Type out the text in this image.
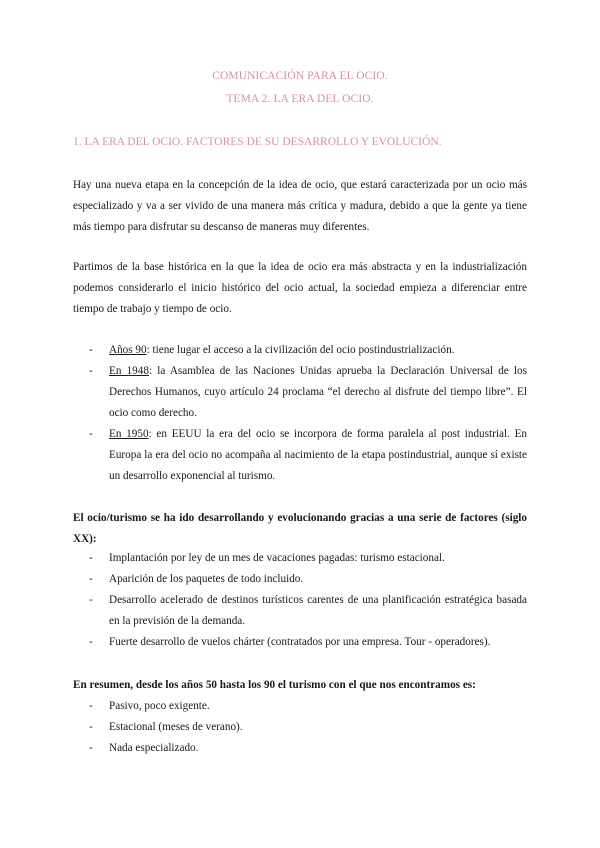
COMUNICACIÓN PARA EL OCIO.
TEMA 2. LA ERA DEL OCIO.
1. LA ERA DEL OCIO. FACTORES DE SU DESARROLLO Y EVOLUCIÓN.

Hay una nueva etapa en la concepción de la idea de ocio, que estará caracterizada por un ocio más especializado y va a ser vivido de una manera más crítica y madura, debido a que la gente ya tiene más tiempo para disfrutar su descanso de maneras muy diferentes.

Partimos de la base histórica en la que la idea de ocio era más abstracta y en la industrialización podemos considerarlo el inicio histórico del ocio actual, la sociedad empieza a diferenciar entre tiempo de trabajo y tiempo de ocio.

- Años 90: tiene lugar el acceso a la civilización del ocio postindustrialización.
- En 1948: la Asamblea de las Naciones Unidas aprueba la Declaración Universal de los Derechos Humanos, cuyo artículo 24 proclama “el derecho al disfrute del tiempo libre”. El ocio como derecho.
- En 1950: en EEUU la era del ocio se incorpora de forma paralela al post industrial. En Europa la era del ocio no acompaña al nacimiento de la etapa postindustrial, aunque sí existe un desarrollo exponencial al turismo.

El ocio/turismo se ha ido desarrollando y evolucionando gracias a una serie de factores (siglo XX):

- Implantación por ley de un mes de vacaciones pagadas: turismo estacional.
- Aparición de los paquetes de todo incluido.
- Desarrollo acelerado de destinos turísticos carentes de una planificación estratégica basada en la previsión de la demanda.
- Fuerte desarrollo de vuelos chárter (contratados por una empresa. Tour - operadores).

En resumen, desde los años 50 hasta los 90 el turismo con el que nos encontramos es:

- Pasivo, poco exigente.
- Estacional (meses de verano).
- Nada especializado.
